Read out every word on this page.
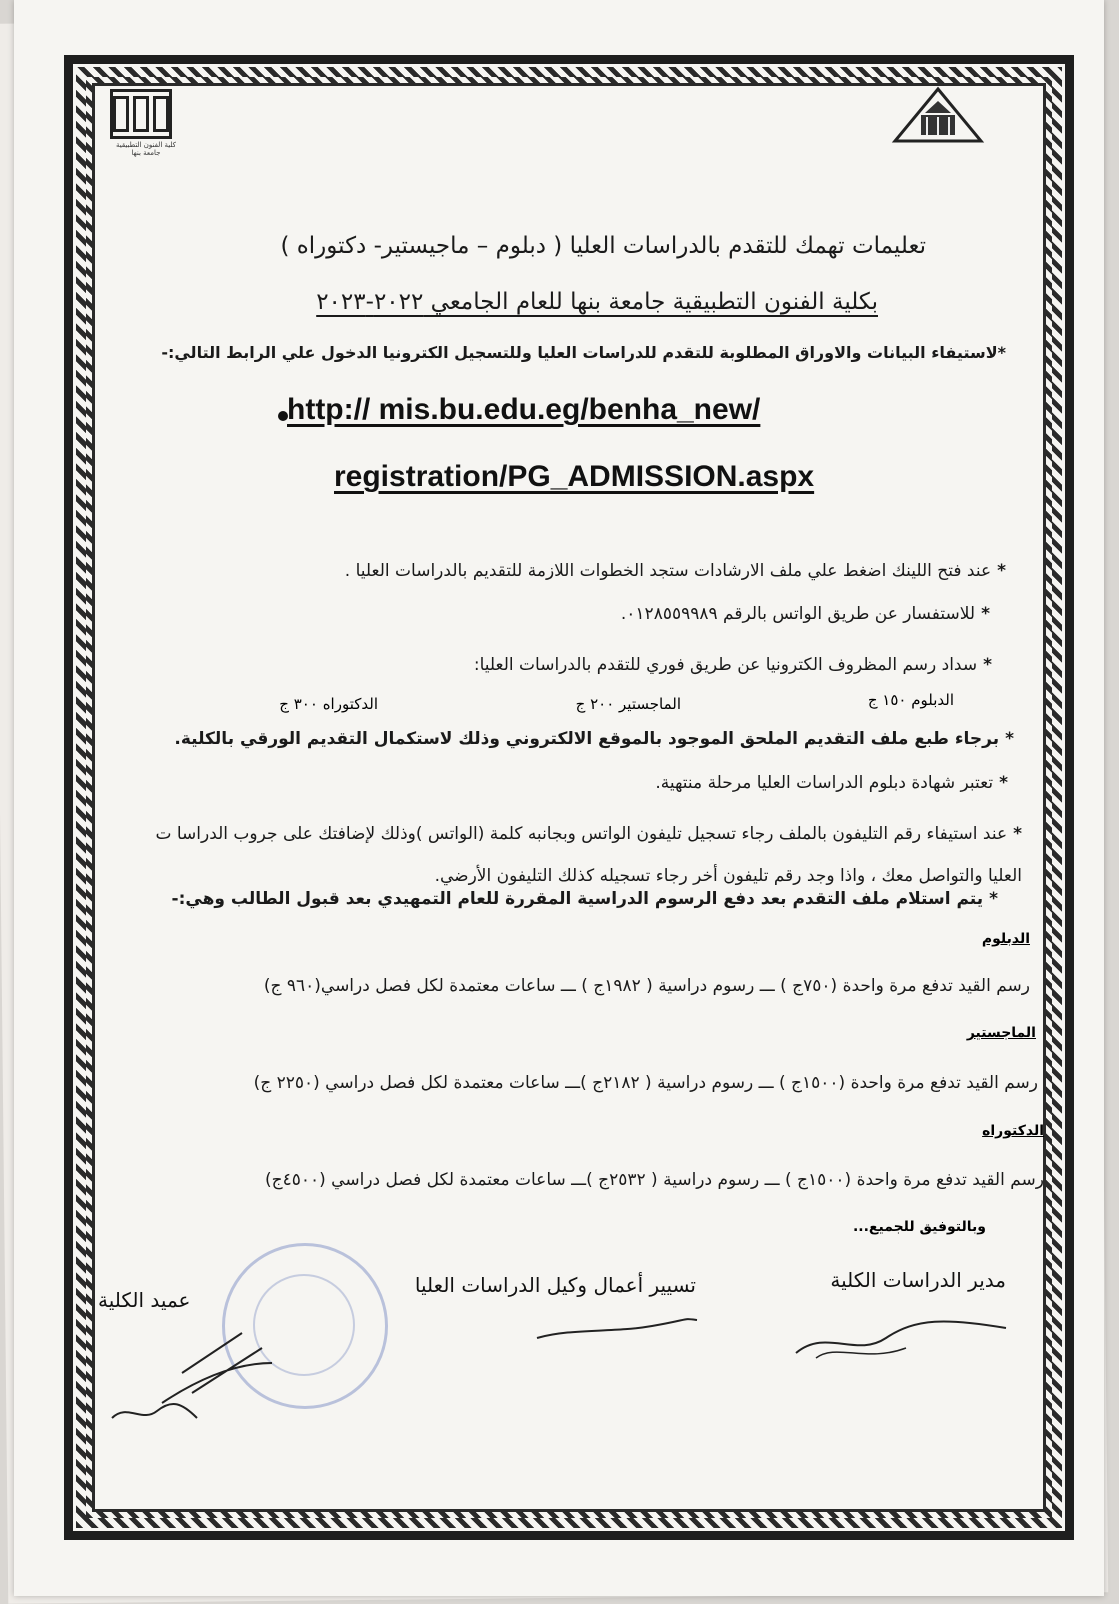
كلية الفنون التطبيقية جامعة بنها
تعليمات تهمك للتقدم بالدراسات العليا ( دبلوم – ماجيستير- دكتوراه )
بكلية الفنون التطبيقية جامعة بنها للعام الجامعي ٢٠٢٢-٢٠٢٣
*لاستيفاء البيانات والاوراق المطلوبة للتقدم للدراسات العليا وللتسجيل الكترونيا الدخول علي الرابط التالي:-
http:// mis.bu.edu.eg/benha_new/
registration/PG_ADMISSION.aspx
*عند فتح اللينك اضغط علي ملف الارشادات ستجد الخطوات اللازمة للتقديم بالدراسات العليا .
*للاستفسار عن طريق الواتس بالرقم ٠١٢٨٥٥٩٩٨٩.
*سداد رسم المظروف الكترونيا عن طريق فوري للتقدم بالدراسات العليا:
الدبلوم ١٥٠ ج
الماجستير ٢٠٠ ج
الدكتوراه ٣٠٠ ج
*برجاء طبع ملف التقديم الملحق الموجود بالموقع الالكتروني وذلك لاستكمال التقديم الورقي بالكلية.
*تعتبر شهادة دبلوم الدراسات العليا مرحلة منتهية.
*عند استيفاء رقم التليفون بالملف رجاء تسجيل تليفون الواتس وبجانبه كلمة (الواتس )وذلك لإضافتك على جروب الدراسا ت العليا والتواصل معك ، واذا وجد رقم تليفون أخر رجاء تسجيله كذلك التليفون الأرضي.
*يتم استلام ملف التقدم بعد دفع الرسوم الدراسية المقررة للعام التمهيدي بعد قبول الطالب وهي:-
الدبلوم
رسم القيد تدفع مرة واحدة (٧٥٠ج ) ـــ رسوم دراسية ( ١٩٨٢ج ) ـــ ساعات معتمدة لكل فصل دراسي(٩٦٠ ج)
الماجستير
رسم القيد تدفع مرة واحدة (١٥٠٠ج ) ـــ رسوم دراسية ( ٢١٨٢ج )ـــ ساعات معتمدة لكل فصل دراسي (٢٢٥٠ ج)
الدكتوراه
رسم القيد تدفع مرة واحدة (١٥٠٠ج ) ـــ رسوم دراسية ( ٢٥٣٢ج )ـــ ساعات معتمدة لكل فصل دراسي (٤٥٠٠ج)
وبالتوفيق للجميع...
مدير الدراسات الكلية
تسيير أعمال وكيل الدراسات العليا
عميد الكلية
